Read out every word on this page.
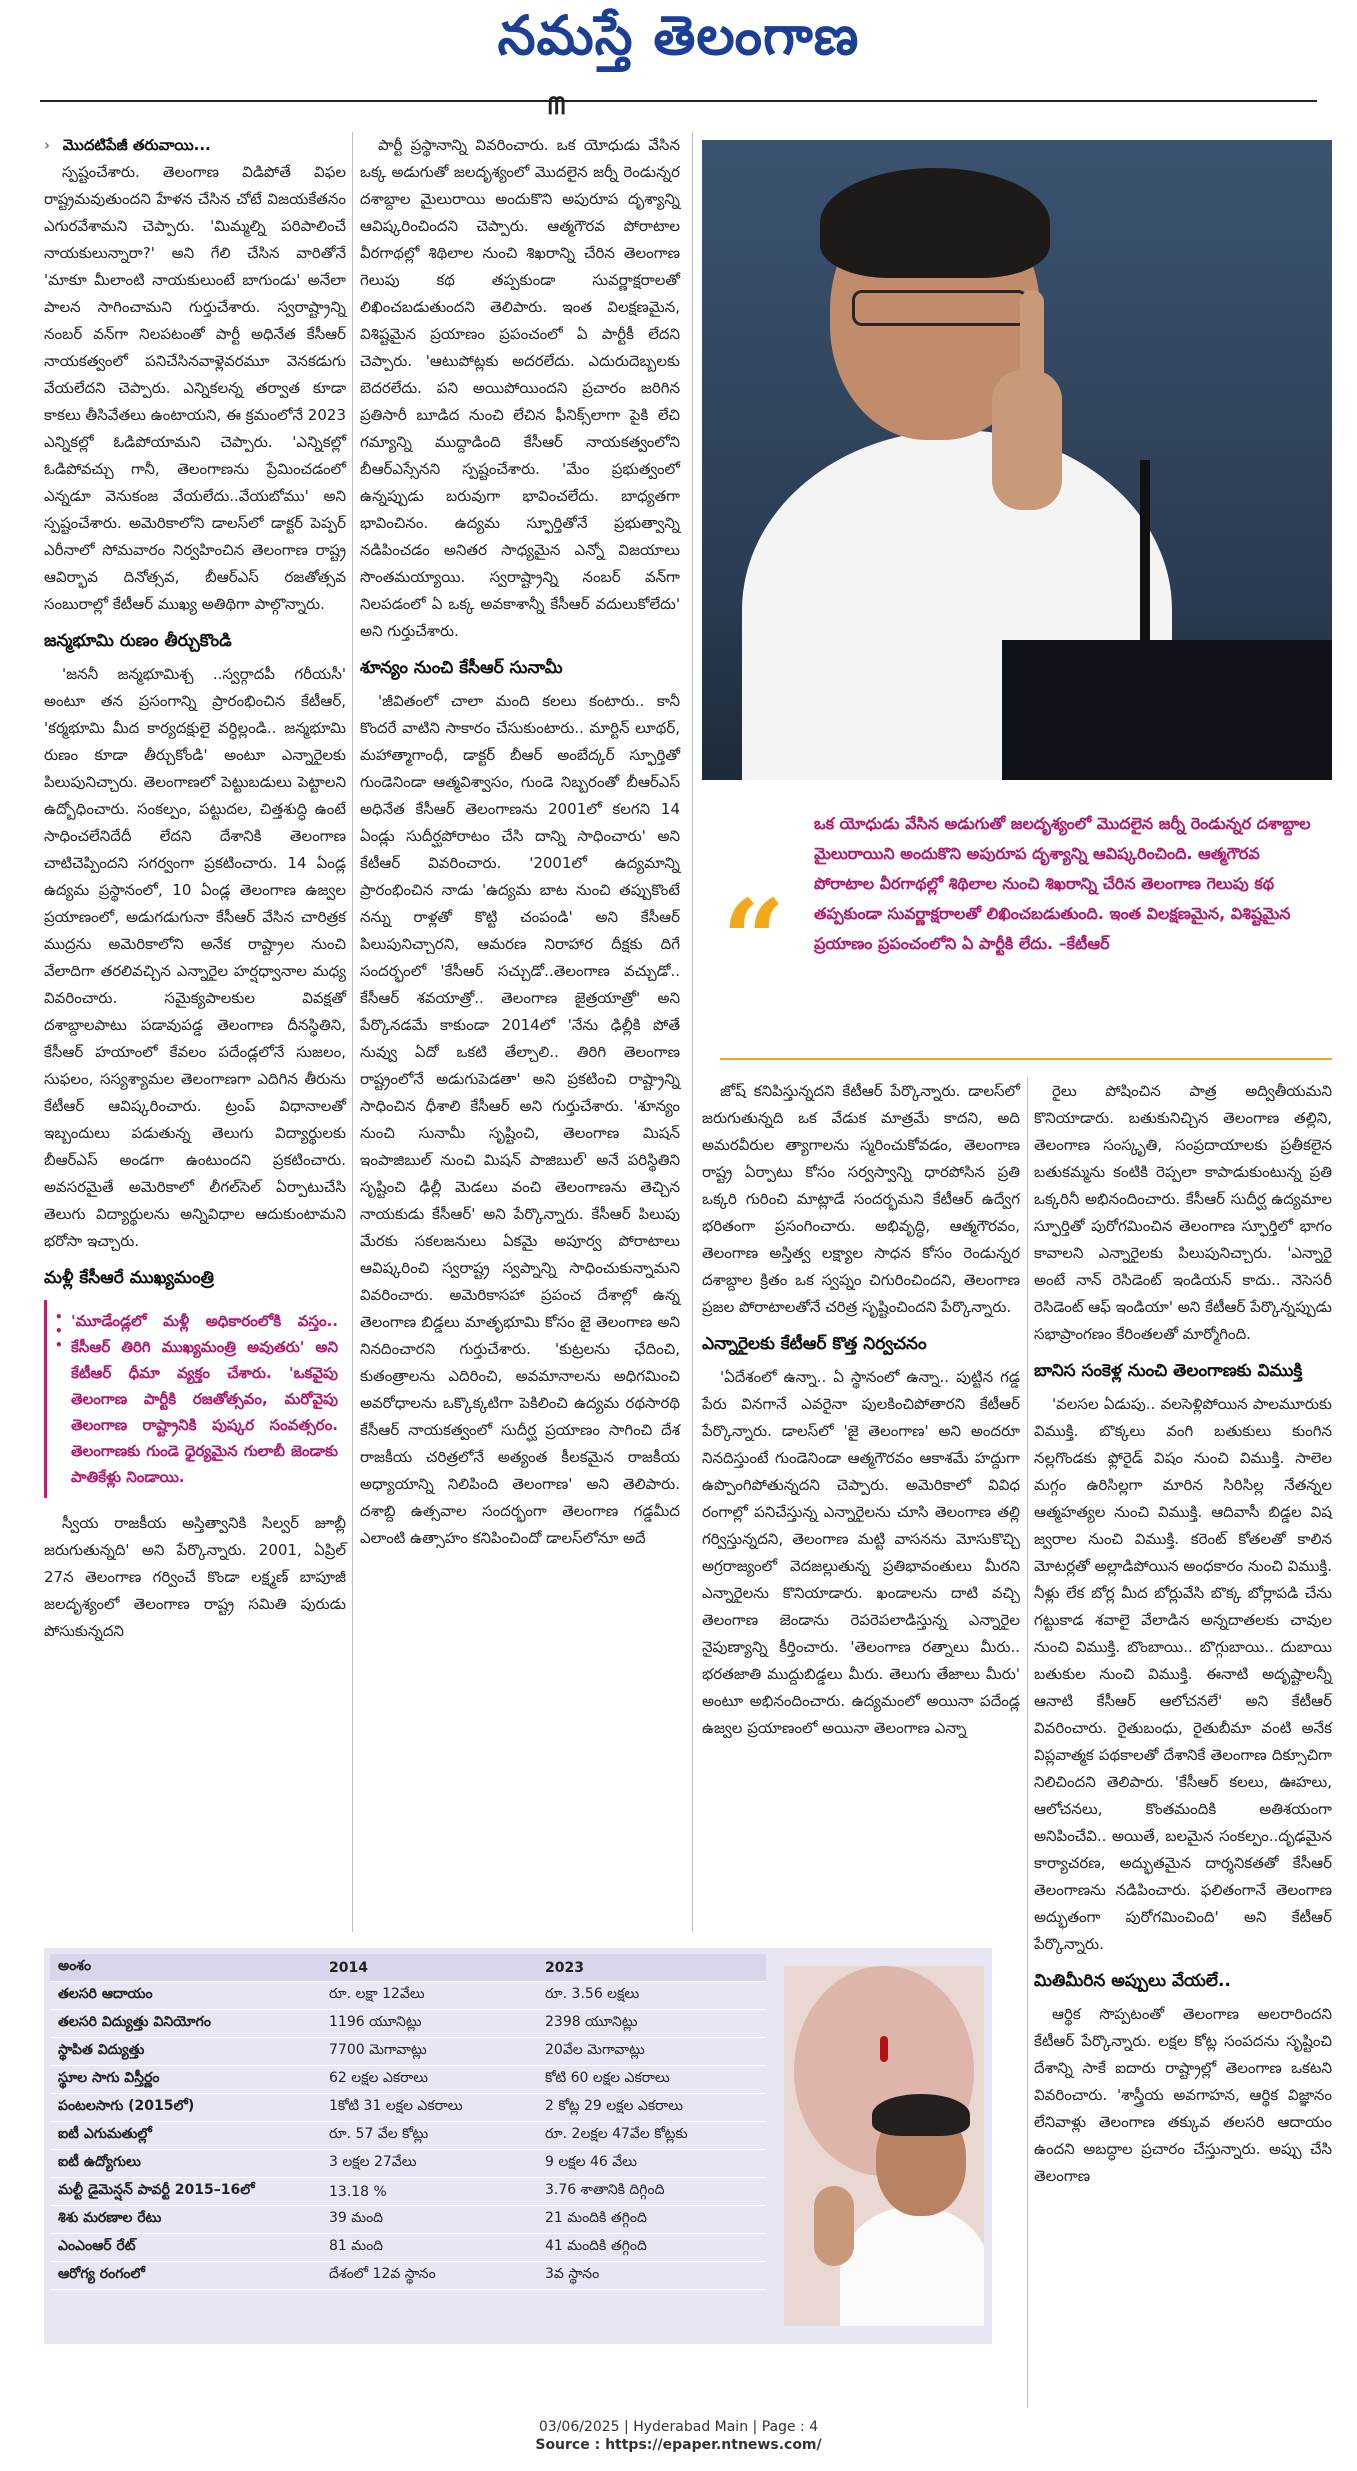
నమస్తే తెలంగాణ
ᗰ
› మొదటిపేజీ తరువాయి...

స్పష్టంచేశారు. తెలంగాణ విడిపోతే విఫల రాష్ట్రమవుతుందని హేళన చేసిన చోటే విజయకేతనం ఎగురవేశామని చెప్పారు. 'మిమ్మల్ని పరిపాలించే నాయకులున్నారా?' అని గేలి చేసిన వారితోనే 'మాకూ మీలాంటి నాయకులుంటే బాగుండు' అనేలా పాలన సాగించామని గుర్తుచేశారు. స్వరాష్ట్రాన్ని నంబర్ వన్‌గా నిలపటంతో పార్టీ అధినేత కేసీఆర్ నాయకత్వంలో పనిచేసినవాళ్లెవరమూ వెనకడుగు వేయలేదని చెప్పారు. ఎన్నికలన్న తర్వాత కూడా కాకలు తీసివేతలు ఉంటాయని, ఈ క్రమంలోనే 2023 ఎన్నికల్లో ఓడిపోయామని చెప్పారు. 'ఎన్నికల్లో ఓడిపోవచ్చు గానీ, తెలంగాణను ప్రేమించడంలో ఎన్నడూ వెనుకంజ వేయలేదు..వేయబోము' అని స్పష్టంచేశారు. అమెరికాలోని డాలస్‌లో డాక్టర్ పెప్పర్ ఎరీనాలో సోమవారం నిర్వహించిన తెలంగాణ రాష్ట్ర ఆవిర్భావ దినోత్సవ, బీఆర్‌ఎస్ రజతోత్సవ సంబురాల్లో కేటీఆర్ ముఖ్య అతిథిగా పాల్గొన్నారు.

జన్మభూమి రుణం తీర్చుకొండి

'జననీ జన్మభూమిశ్చ ..స్వర్గాదపీ గరీయసీ' అంటూ తన ప్రసంగాన్ని ప్రారంభించిన కేటీఆర్, 'కర్మభూమి మీద కార్యదక్షులై వర్ధిల్లండి.. జన్మభూమి రుణం కూడా తీర్చుకోండి' అంటూ ఎన్నారైలకు పిలుపునిచ్చారు. తెలంగాణలో పెట్టుబడులు పెట్టాలని ఉద్బోధించారు. సంకల్పం, పట్టుదల, చిత్తశుద్ధి ఉంటే సాధించలేనిదేదీ లేదని దేశానికి తెలంగాణ చాటిచెప్పిందని సగర్వంగా ప్రకటించారు. 14 ఏండ్ల ఉద్యమ ప్రస్థానంలో, 10 ఏండ్ల తెలంగాణ ఉజ్వల ప్రయాణంలో, అడుగడుగునా కేసీఆర్ వేసిన చారిత్రక ముద్రను అమెరికాలోని అనేక రాష్ట్రాల నుంచి వేలాదిగా తరలివచ్చిన ఎన్నారైల హర్షధ్వానాల మధ్య వివరించారు. సమైక్యపాలకుల వివక్షతో దశాబ్దాలపాటు పడావుపడ్డ తెలంగాణ దీనస్థితిని, కేసీఆర్ హయాంలో కేవలం పదేండ్లలోనే సుజలం, సుఫలం, సస్యశ్యామల తెలంగాణగా ఎదిగిన తీరును కేటీఆర్ ఆవిష్కరించారు. ట్రంప్ విధానాలతో ఇబ్బందులు పడుతున్న తెలుగు విద్యార్థులకు బీఆర్‌ఎస్ అండగా ఉంటుందని ప్రకటించారు. అవసరమైతే అమెరికాలో లీగల్‌సెల్ ఏర్పాటుచేసి తెలుగు విద్యార్థులను అన్నివిధాల ఆదుకుంటామని భరోసా ఇచ్చారు.

మళ్లీ కేసీఆరే ముఖ్యమంత్రి
•
•
•
'మూడేండ్లలో మళ్లీ అధికారంలోకి వస్తం.. కేసీఆర్ తిరిగి ముఖ్యమంత్రి అవుతరు' అని కేటీఆర్ ధీమా వ్యక్తం చేశారు. 'ఒకవైపు తెలంగాణ పార్టీకి రజతోత్సవం, మరోవైపు తెలంగాణ రాష్ట్రానికి పుష్కర సంవత్సరం. తెలంగాణకు గుండె ధైర్యమైన గులాబీ జెండాకు పాతికేళ్లు నిండాయి.

స్వీయ రాజకీయ అస్తిత్వానికి సిల్వర్ జూబ్లీ జరుగుతున్నది' అని పేర్కొన్నారు. 2001, ఏప్రిల్ 27న తెలంగాణ గర్వించే కొండా లక్ష్మణ్ బాపూజీ జలదృశ్యంలో తెలంగాణ రాష్ట్ర సమితి పురుడు పోసుకున్నదని

పార్టీ ప్రస్థానాన్ని వివరించారు. ఒక యోధుడు వేసిన ఒక్క అడుగుతో జలదృశ్యంలో మొదలైన జర్నీ రెండున్నర దశాబ్దాల మైలురాయి అందుకొని అపురూప దృశ్యాన్ని ఆవిష్కరించిందని చెప్పారు. ఆత్మగౌరవ పోరాటాల వీరగాథల్లో శిథిలాల నుంచి శిఖరాన్ని చేరిన తెలంగాణ గెలుపు కథ తప్పకుండా సువర్ణాక్షరాలతో లిఖించబడుతుందని తెలిపారు. ఇంత విలక్షణమైన, విశిష్టమైన ప్రయాణం ప్రపంచంలో ఏ పార్టీకీ లేదని చెప్పారు. 'ఆటుపోట్లకు అదరలేదు. ఎదురుదెబ్బలకు బెదరలేదు. పని అయిపోయిందని ప్రచారం జరిగిన ప్రతిసారీ బూడిద నుంచి లేచిన ఫీనిక్స్‌లాగా పైకి లేచి గమ్యాన్ని ముద్దాడింది కేసీఆర్ నాయకత్వంలోని బీఆర్‌ఎస్సేనని స్పష్టంచేశారు. 'మేం ప్రభుత్వంలో ఉన్నప్పుడు బరువుగా భావించలేదు. బాధ్యతగా భావించినం. ఉద్యమ స్ఫూర్తితోనే ప్రభుత్వాన్ని నడిపించడం అనితర సాధ్యమైన ఎన్నో విజయాలు సొంతమయ్యాయి. స్వరాష్ట్రాన్ని నంబర్ వన్‌గా నిలపడంలో ఏ ఒక్క అవకాశాన్నీ కేసీఆర్ వదులుకోలేదు' అని గుర్తుచేశారు.

శూన్యం నుంచి కేసీఆర్ సునామీ

'జీవితంలో చాలా మంది కలలు కంటారు.. కానీ కొందరే వాటిని సాకారం చేసుకుంటారు.. మార్టిన్ లూథర్, మహాత్మాగాంధీ, డాక్టర్ బీఆర్ అంబేద్కర్ స్ఫూర్తితో గుండెనిండా ఆత్మవిశ్వాసం, గుండె నిబ్బరంతో బీఆర్‌ఎస్ అధినేత కేసీఆర్ తెలంగాణను 2001లో కలగని 14 ఏండ్లు సుదీర్ఘపోరాటం చేసి దాన్ని సాధించారు' అని కేటీఆర్ వివరించారు. '2001లో ఉద్యమాన్ని ప్రారంభించిన నాడు 'ఉద్యమ బాట నుంచి తప్పుకొంటే నన్ను రాళ్లతో కొట్టి చంపండి' అని కేసీఆర్ పిలుపునిచ్చారని, ఆమరణ నిరాహార దీక్షకు దిగే సందర్భంలో 'కేసీఆర్ సచ్చుడో..తెలంగాణ వచ్చుడో.. కేసీఆర్ శవయాత్రో.. తెలంగాణ జైత్రయాత్రో' అని పేర్కొనడమే కాకుండా 2014లో 'నేను ఢిల్లీకి పోతే నువ్వు ఏదో ఒకటి తేల్చాలి.. తిరిగి తెలంగాణ రాష్ట్రంలోనే అడుగుపెడతా' అని ప్రకటించి రాష్ట్రాన్ని సాధించిన ధీశాలి కేసీఆర్ అని గుర్తుచేశారు. 'శూన్యం నుంచి సునామీ సృష్టించి, తెలంగాణ మిషన్ ఇంపాజిబుల్ నుంచి మిషన్ పాజిబుల్' అనే పరిస్థితిని సృష్టించి ఢిల్లీ మెడలు వంచి తెలంగాణను తెచ్చిన నాయకుడు కేసీఆర్' అని పేర్కొన్నారు. కేసీఆర్ పిలుపు మేరకు సకలజనులు ఏకమై అపూర్వ పోరాటాలు ఆవిష్కరించి స్వరాష్ట్ర స్వప్నాన్ని సాధించుకున్నామని వివరించారు. అమెరికాసహా ప్రపంచ దేశాల్లో ఉన్న తెలంగాణ బిడ్డలు మాతృభూమి కోసం జై తెలంగాణ అని నినదించారని గుర్తుచేశారు. 'కుట్రలను ఛేదించి, కుతంత్రాలను ఎదిరించి, అవమానాలను అధిగమించి అవరోధాలను ఒక్కొక్కటిగా పెకిలించి ఉద్యమ రథసారథి కేసీఆర్ నాయకత్వంలో సుదీర్ఘ ప్రయాణం సాగించి దేశ రాజకీయ చరిత్రలోనే అత్యంత కీలకమైన రాజకీయ అధ్యాయాన్ని నిలిపింది తెలంగాణ' అని తెలిపారు. దశాబ్ది ఉత్సవాల సందర్భంగా తెలంగాణ గడ్డమీద ఎలాంటి ఉత్సాహం కనిపించిందో డాలస్‌లోనూ అదే

“
ఒక యోధుడు వేసిన అడుగుతో జలదృశ్యంలో మొదలైన జర్నీ రెండున్నర దశాబ్దాల మైలురాయిని అందుకొని అపురూప దృశ్యాన్ని ఆవిష్కరించింది. ఆత్మగౌరవ పోరాటాల వీరగాథల్లో శిథిలాల నుంచి శిఖరాన్ని చేరిన తెలంగాణ గెలుపు కథ తప్పకుండా సువర్ణాక్షరాలతో లిఖించబడుతుంది. ఇంత విలక్షణమైన, విశిష్టమైన ప్రయాణం ప్రపంచంలోని ఏ పార్టీకి లేదు. –కేటీఆర్

జోష్ కనిపిస్తున్నదని కేటీఆర్ పేర్కొన్నారు. డాలస్‌లో జరుగుతున్నది ఒక వేడుక మాత్రమే కాదని, అది అమరవీరుల త్యాగాలను స్మరించుకోవడం, తెలంగాణ రాష్ట్ర ఏర్పాటు కోసం సర్వస్వాన్ని ధారపోసిన ప్రతి ఒక్కరి గురించి మాట్లాడే సందర్భమని కేటీఆర్ ఉద్వేగ భరితంగా ప్రసంగించారు. అభివృద్ధి, ఆత్మగౌరవం, తెలంగాణ అస్తిత్వ లక్ష్యాల సాధన కోసం రెండున్నర దశాబ్దాల క్రితం ఒక స్వప్నం చిగురించిందని, తెలంగాణ ప్రజల పోరాటాలతోనే చరిత్ర సృష్టించిందని పేర్కొన్నారు.

ఎన్నారైలకు కేటీఆర్ కొత్త నిర్వచనం

'ఏదేశంలో ఉన్నా.. ఏ స్థానంలో ఉన్నా.. పుట్టిన గడ్డ పేరు వినగానే ఎవరైనా పులకించిపోతారని కేటీఆర్ పేర్కొన్నారు. డాలస్‌లో 'జై తెలంగాణ' అని అందరూ నినదిస్తుంటే గుండెనిండా ఆత్మగౌరవం ఆకాశమే హద్దుగా ఉప్పొంగిపోతున్నదని చెప్పారు. అమెరికాలో వివిధ రంగాల్లో పనిచేస్తున్న ఎన్నారైలను చూసి తెలంగాణ తల్లి గర్విస్తున్నదని, తెలంగాణ మట్టి వాసనను మోసుకొచ్చి అగ్రరాజ్యంలో వెదజల్లుతున్న ప్రతిభావంతులు మీరని ఎన్నారైలను కొనియాడారు. ఖండాలను దాటి వచ్చి తెలంగాణ జెండాను రెపరెపలాడిస్తున్న ఎన్నారైల నైపుణ్యాన్ని కీర్తించారు. 'తెలంగాణ రత్నాలు మీరు.. భరతజాతి ముద్దుబిడ్డలు మీరు. తెలుగు తేజాలు మీరు' అంటూ అభినందించారు. ఉద్యమంలో అయినా పదేండ్ల ఉజ్వల ప్రయాణంలో అయినా తెలంగాణ ఎన్నా

రైలు పోషించిన పాత్ర అద్వితీయమని కొనియాడారు. బతుకునిచ్చిన తెలంగాణ తల్లిని, తెలంగాణ సంస్కృతి, సంప్రదాయాలకు ప్రతీకలైన బతుకమ్మను కంటికి రెప్పలా కాపాడుకుంటున్న ప్రతి ఒక్కరినీ అభినందించారు. కేసీఆర్ సుదీర్ఘ ఉద్యమాల స్ఫూర్తితో పురోగమించిన తెలంగాణ స్ఫూర్తిలో భాగం కావాలని ఎన్నారైలకు పిలుపునిచ్చారు. 'ఎన్నారై అంటే నాన్ రెసిడెంట్ ఇండియన్ కాదు.. నెసెసరీ రెసిడెంట్ ఆఫ్ ఇండియా' అని కేటీఆర్ పేర్కొన్నప్పుడు సభాప్రాంగణం కేరింతలతో మార్మోగింది.

బానిస సంకెళ్ల నుంచి తెలంగాణకు విముక్తి

'వలసల ఏడుపు.. వలసెళ్లిపోయిన పాలమూరుకు విముక్తి. బొక్కలు వంగి బతుకులు కుంగిన నల్లగొండకు ఫ్లోరైడ్ విషం నుంచి విముక్తి. సాలెల మగ్గం ఉరిసిల్లగా మారిన సిరిసిల్ల నేతన్నల ఆత్మహత్యల నుంచి విముక్తి. ఆదివాసీ బిడ్డల విష జ్వరాల నుంచి విముక్తి. కరెంట్ కోతలతో కాలిన మోటర్లతో అల్లాడిపోయిన అంధకారం నుంచి విముక్తి. నీళ్లు లేక బోర్ల మీద బోర్లువేసి బొక్క బోర్లాపడి చేను గట్టుకాడ శవాలై వేలాడిన అన్నదాతలకు చావుల నుంచి విముక్తి. బొంబాయి.. బొగ్గుబాయి.. దుబాయి బతుకుల నుంచి విముక్తి. ఈనాటి అదృష్టాలన్నీ ఆనాటి కేసీఆర్ ఆలోచనలే' అని కేటీఆర్ వివరించారు. రైతుబంధు, రైతుబీమా వంటి అనేక విప్లవాత్మక పథకాలతో దేశానికే తెలంగాణ దిక్సూచిగా నిలిచిందని తెలిపారు. 'కేసీఆర్ కలలు, ఊహలు, ఆలోచనలు, కొంతమందికి అతిశయంగా అనిపించేవి.. అయితే, బలమైన సంకల్పం..దృఢమైన కార్యాచరణ, అద్భుతమైన దార్శనికతతో కేసీఆర్ తెలంగాణను నడిపించారు. ఫలితంగానే తెలంగాణ అద్భుతంగా పురోగమించింది' అని కేటీఆర్ పేర్కొన్నారు.

మితిమీరిన అప్పులు వేయలే..

ఆర్థిక సొప్పటంతో తెలంగాణ అలరారిందని కేటీఆర్ పేర్కొన్నారు. లక్షల కోట్ల సంపదను సృష్టించి దేశాన్ని సాకే ఐదారు రాష్ట్రాల్లో తెలంగాణ ఒకటని వివరించారు. 'శాస్త్రీయ అవగాహన, ఆర్థిక విజ్ఞానం లేనివాళ్లు తెలంగాణ తక్కువ తలసరి ఆదాయం ఉందని అబద్ధాల ప్రచారం చేస్తున్నారు. అప్పు చేసి తెలంగాణ

అంశం	2014	2023
తలసరి ఆదాయం	రూ. లక్షా 12వేలు	రూ. 3.56 లక్షలు
తలసరి విద్యుత్తు వినియోగం	1196 యూనిట్లు	2398 యూనిట్లు
స్థాపిత విద్యుత్తు	7700 మెగావాట్లు	20వేల మెగావాట్లు
స్థూల సాగు విస్తీర్ణం	62 లక్షల ఎకరాలు	కోటి 60 లక్షల ఎకరాలు
పంటలసాగు (2015లో)	1కోటి 31 లక్షల ఎకరాలు	2 కోట్ల 29 లక్షల ఎకరాలు
ఐటీ ఎగుమతుల్లో	రూ. 57 వేల కోట్లు	రూ. 2లక్షల 47వేల కోట్లకు
ఐటీ ఉద్యోగులు	3 లక్షల 27వేలు	9 లక్షల 46 వేలు
మల్టీ డైమెన్షన్ పావర్టీ 2015–16లో	13.18 %	3.76 శాతానికి దిగ్గింది
శిశు మరణాల రేటు	39 మంది	21 మందికి తగ్గింది
ఎంఎంఆర్ రేట్	81 మంది	41 మందికి తగ్గింది
ఆరోగ్య రంగంలో	దేశంలో 12వ స్థానం	3వ స్థానం
03/06/2025 | Hyderabad Main | Page : 4
Source : https://epaper.ntnews.com/
